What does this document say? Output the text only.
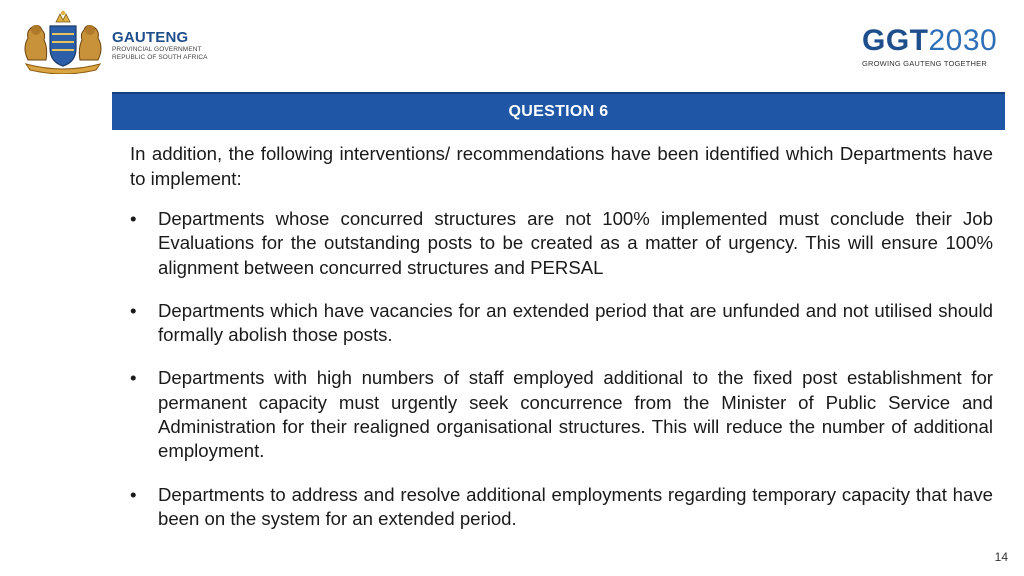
GAUTENG
PROVINCIAL GOVERNMENT
REPUBLIC OF SOUTH AFRICA
GGT2030
GROWING GAUTENG TOGETHER
QUESTION 6

In addition, the following interventions/ recommendations have been identified which Departments have to implement:

• Departments whose concurred structures are not 100% implemented must conclude their Job Evaluations for the outstanding posts to be created as a matter of urgency. This will ensure 100% alignment between concurred structures and PERSAL
• Departments which have vacancies for an extended period that are unfunded and not utilised should formally abolish those posts.
• Departments with high numbers of staff employed additional to the fixed post establishment for permanent capacity must urgently seek concurrence from the Minister of Public Service and Administration for their realigned organisational structures. This will reduce the number of additional employment.
• Departments to address and resolve additional employments regarding temporary capacity that have been on the system for an extended period.
14
